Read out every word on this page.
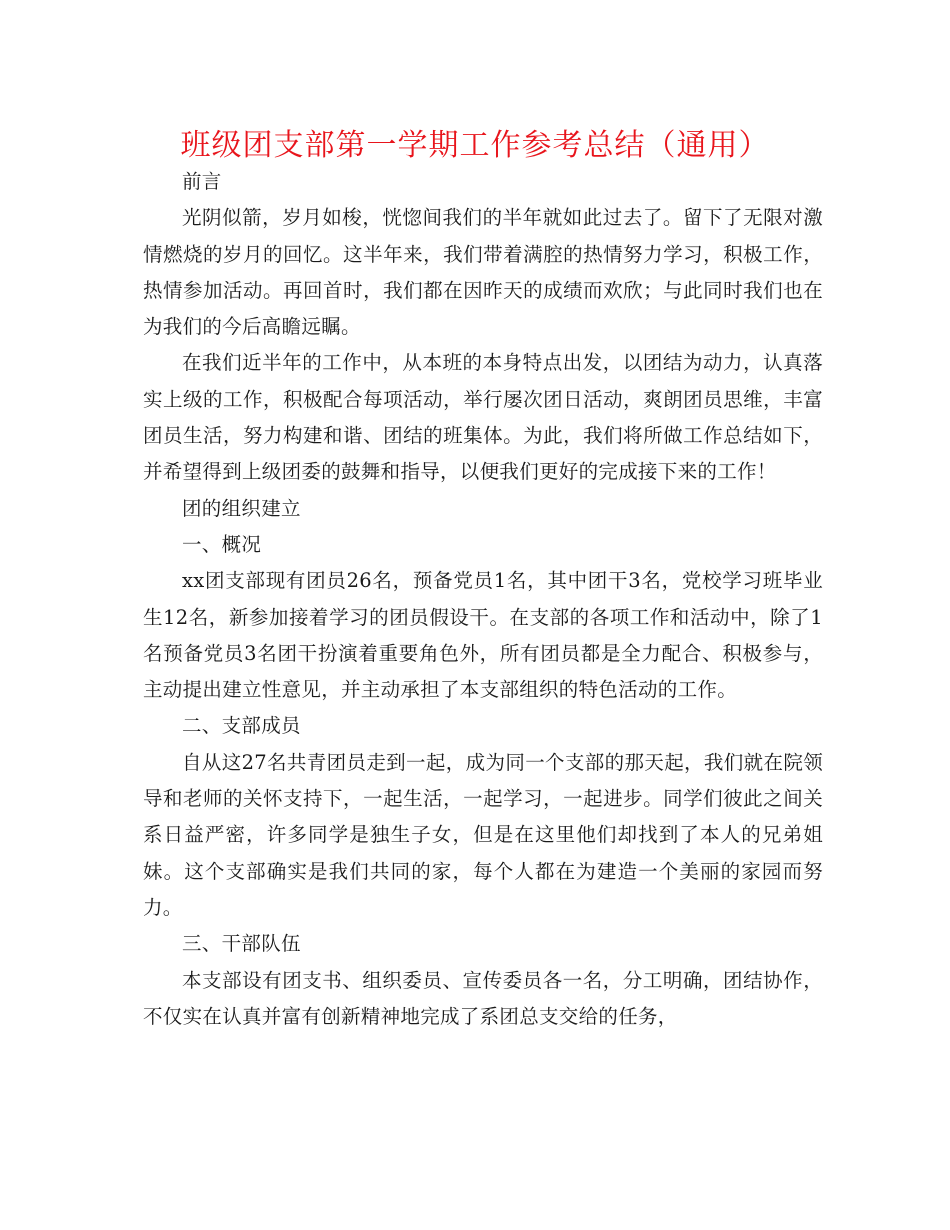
班级团支部第一学期工作参考总结（通用）

前言

光阴似箭，岁月如梭，恍惚间我们的半年就如此过去了。留下了无限对激情燃烧的岁月的回忆。这半年来，我们带着满腔的热情努力学习，积极工作，热情参加活动。再回首时，我们都在因昨天的成绩而欢欣；与此同时我们也在为我们的今后高瞻远瞩。

在我们近半年的工作中，从本班的本身特点出发，以团结为动力，认真落实上级的工作，积极配合每项活动，举行屡次团日活动，爽朗团员思维，丰富团员生活，努力构建和谐、团结的班集体。为此，我们将所做工作总结如下，并希望得到上级团委的鼓舞和指导，以便我们更好的完成接下来的工作！

团的组织建立

一、概况

xx团支部现有团员26名，预备党员1名，其中团干3名，党校学习班毕业生12名，新参加接着学习的团员假设干。在支部的各项工作和活动中，除了1名预备党员3名团干扮演着重要角色外，所有团员都是全力配合、积极参与，主动提出建立性意见，并主动承担了本支部组织的特色活动的工作。

二、支部成员

自从这27名共青团员走到一起，成为同一个支部的那天起，我们就在院领导和老师的关怀支持下，一起生活，一起学习，一起进步。同学们彼此之间关系日益严密，许多同学是独生子女，但是在这里他们却找到了本人的兄弟姐妹。这个支部确实是我们共同的家，每个人都在为建造一个美丽的家园而努力。

三、干部队伍

本支部设有团支书、组织委员、宣传委员各一名，分工明确，团结协作，不仅实在认真并富有创新精神地完成了系团总支交给的任务，
